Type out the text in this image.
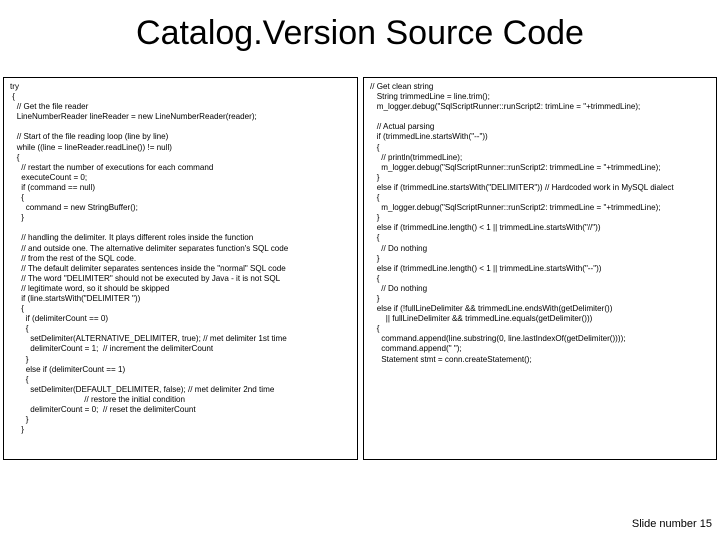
Catalog.Version Source Code
try
{
// Get the file reader
LineNumberReader lineReader = new LineNumberReader(reader);

// Start of the file reading loop (line by line)
while ((line = lineReader.readLine()) != null)
{
// restart the number of executions for each command
executeCount = 0;
if (command == null)
{
command = new StringBuffer();
}

// handling the delimiter. It plays different roles inside the function
// and outside one. The alternative delimiter separates function's SQL code
// from the rest of the SQL code.
// The default delimiter separates sentences inside the "normal" SQL code
// The word "DELIMITER" should not be executed by Java - it is not SQL
// legitimate word, so it should be skipped
if (line.startsWith("DELIMITER "))
{
if (delimiterCount == 0)
{
setDelimiter(ALTERNATIVE_DELIMITER, true); // met delimiter 1st time
delimiterCount = 1;  // increment the delimiterCount
}
else if (delimiterCount == 1)
{
setDelimiter(DEFAULT_DELIMITER, false); // met delimiter 2nd time
// restore the initial condition
delimiterCount = 0;  // reset the delimiterCount
}
}
// Get clean string
String trimmedLine = line.trim();
m_logger.debug("SqlScriptRunner::runScript2: trimLine = "+trimmedLine);

// Actual parsing
if (trimmedLine.startsWith("--"))
{
// println(trimmedLine);
m_logger.debug("SqlScriptRunner::runScript2: trimmedLine = "+trimmedLine);
}
else if (trimmedLine.startsWith("DELIMITER")) // Hardcoded work in MySQL dialect
{
m_logger.debug("SqlScriptRunner::runScript2: trimmedLine = "+trimmedLine);
}
else if (trimmedLine.length() < 1 || trimmedLine.startsWith("//"))
{
// Do nothing
}
else if (trimmedLine.length() < 1 || trimmedLine.startsWith("--"))
{
// Do nothing
}
else if (!fullLineDelimiter && trimmedLine.endsWith(getDelimiter())
|| fullLineDelimiter && trimmedLine.equals(getDelimiter()))
{
command.append(line.substring(0, line.lastIndexOf(getDelimiter())));
command.append(" ");
Statement stmt = conn.createStatement();
Slide number 15
